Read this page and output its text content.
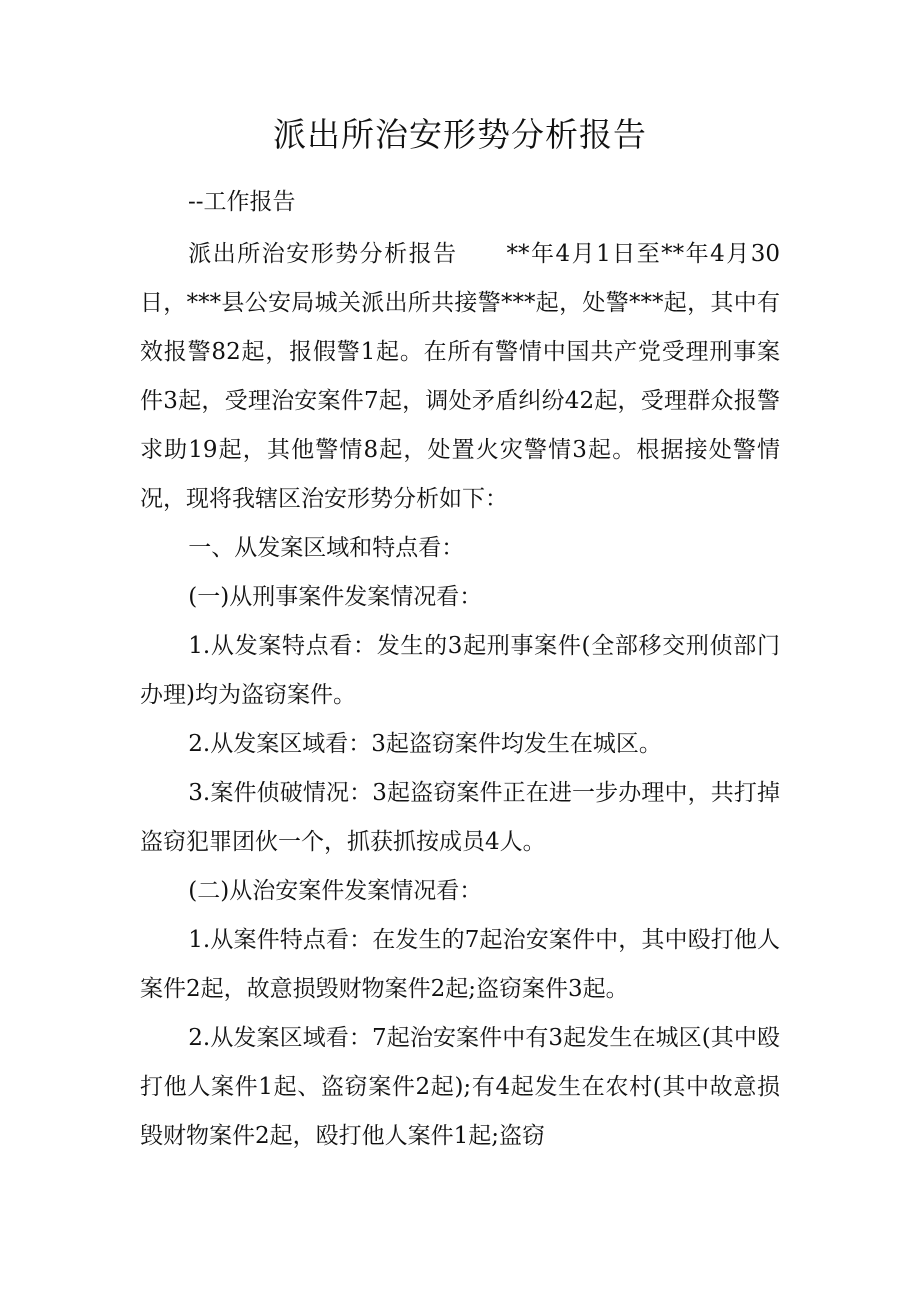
派出所治安形势分析报告
--工作报告

派出所治安形势分析报告　　**年4月1日至**年4月30日，***县公安局城关派出所共接警***起，处警***起，其中有效报警82起，报假警1起。在所有警情中国共产党受理刑事案件3起，受理治安案件7起，调处矛盾纠纷42起，受理群众报警求助19起，其他警情8起，处置火灾警情3起。根据接处警情况，现将我辖区治安形势分析如下：

一、从发案区域和特点看：

(一)从刑事案件发案情况看：

1.从发案特点看：发生的3起刑事案件(全部移交刑侦部门办理)均为盗窃案件。

2.从发案区域看：3起盗窃案件均发生在城区。

3.案件侦破情况：3起盗窃案件正在进一步办理中，共打掉盗窃犯罪团伙一个，抓获抓按成员4人。

(二)从治安案件发案情况看：

1.从案件特点看：在发生的7起治安案件中，其中殴打他人案件2起，故意损毁财物案件2起;盗窃案件3起。

2.从发案区域看：7起治安案件中有3起发生在城区(其中殴打他人案件1起、盗窃案件2起);有4起发生在农村(其中故意损毁财物案件2起，殴打他人案件1起;盗窃
